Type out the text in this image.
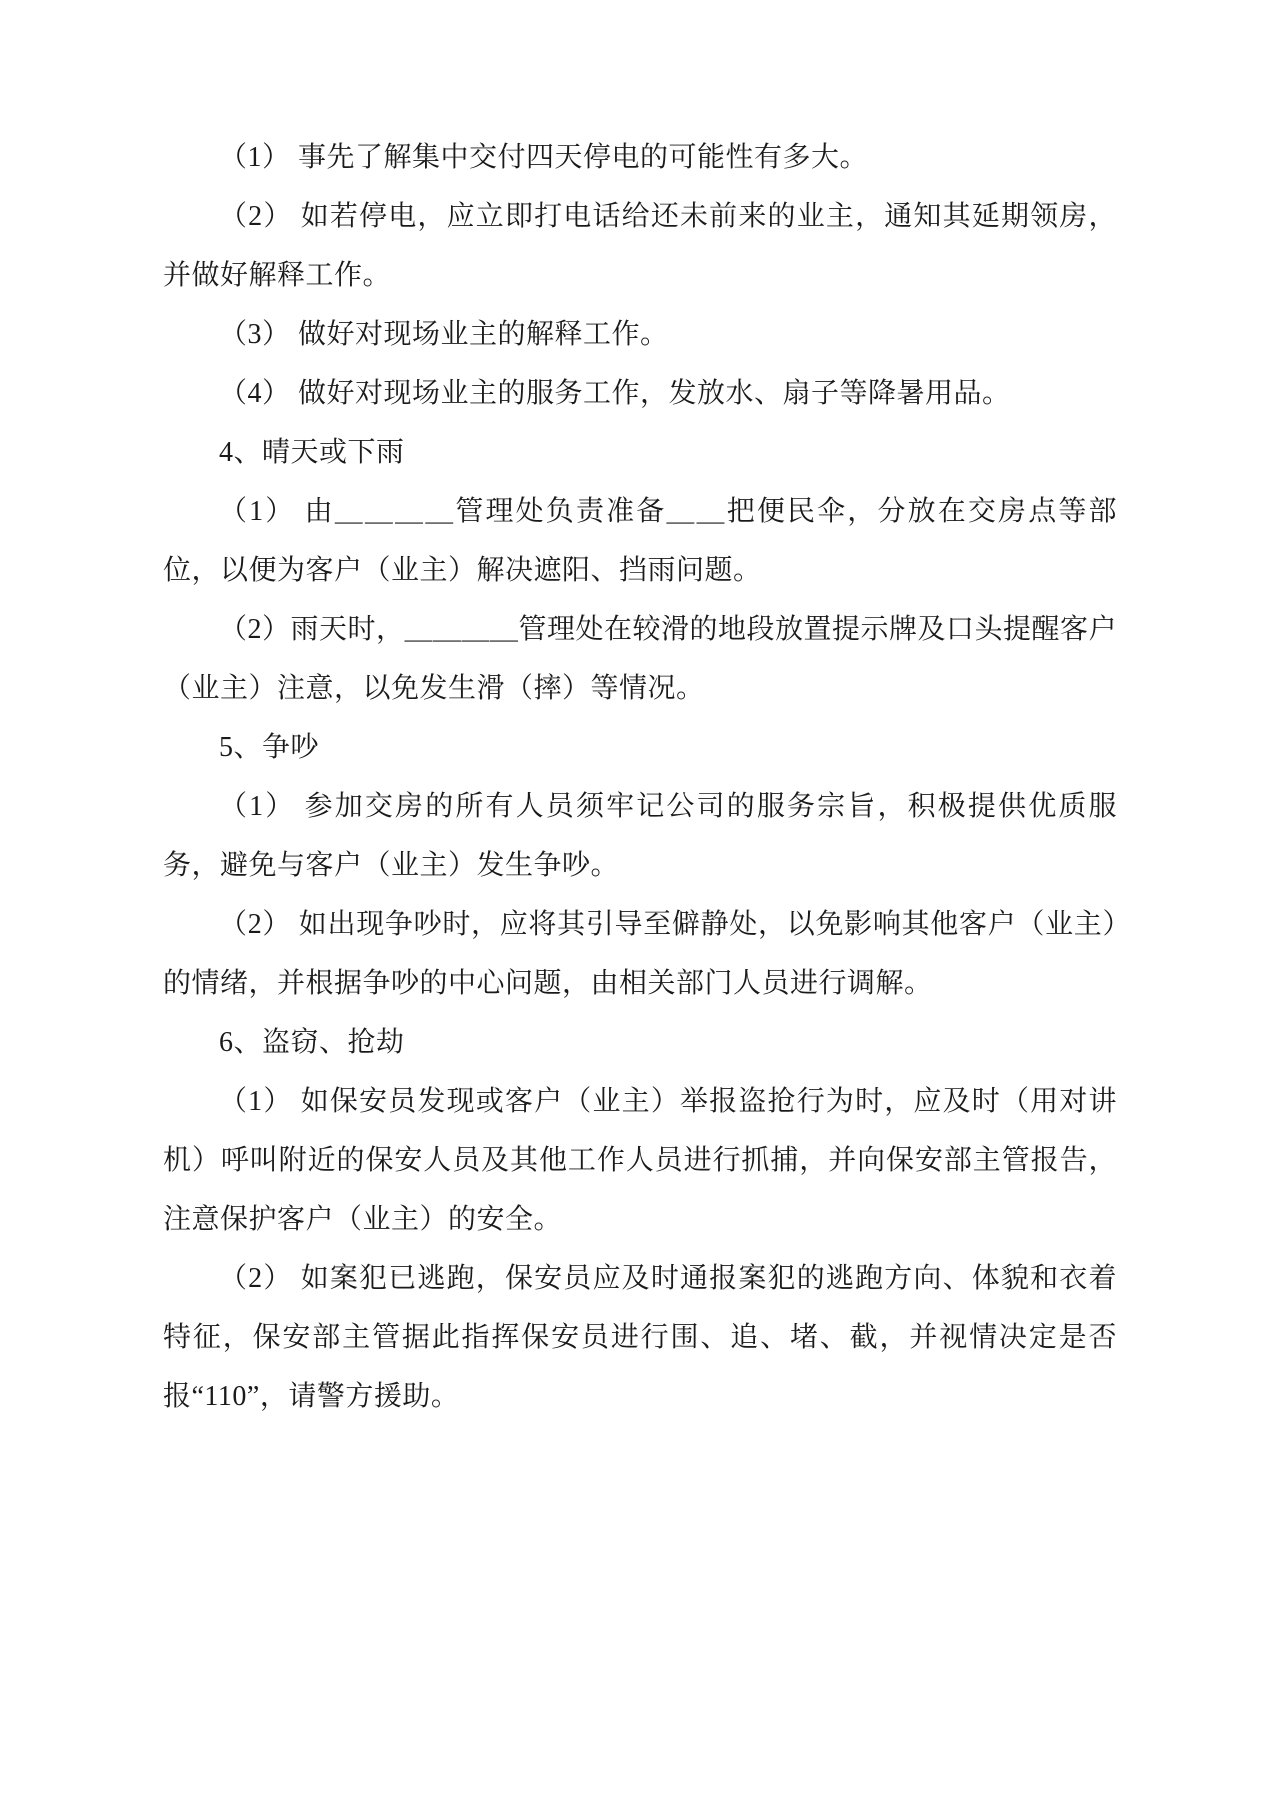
（1） 事先了解集中交付四天停电的可能性有多大。

（2） 如若停电，应立即打电话给还未前来的业主，通知其延期领房，并做好解释工作。

（3） 做好对现场业主的解释工作。

（4） 做好对现场业主的服务工作，发放水、扇子等降暑用品。

4、晴天或下雨

（1） 由＿＿＿＿管理处负责准备＿＿把便民伞，分放在交房点等部位，以便为客户（业主）解决遮阳、挡雨问题。

（2）雨天时，＿＿＿＿管理处在较滑的地段放置提示牌及口头提醒客户（业主）注意，以免发生滑（摔）等情况。

5、争吵

（1） 参加交房的所有人员须牢记公司的服务宗旨，积极提供优质服务，避免与客户（业主）发生争吵。

（2） 如出现争吵时，应将其引导至僻静处，以免影响其他客户（业主）的情绪，并根据争吵的中心问题，由相关部门人员进行调解。

6、盗窃、抢劫

（1） 如保安员发现或客户（业主）举报盗抢行为时，应及时（用对讲机）呼叫附近的保安人员及其他工作人员进行抓捕，并向保安部主管报告，注意保护客户（业主）的安全。

（2） 如案犯已逃跑，保安员应及时通报案犯的逃跑方向、体貌和衣着特征，保安部主管据此指挥保安员进行围、追、堵、截，并视情决定是否报“110”，请警方援助。
